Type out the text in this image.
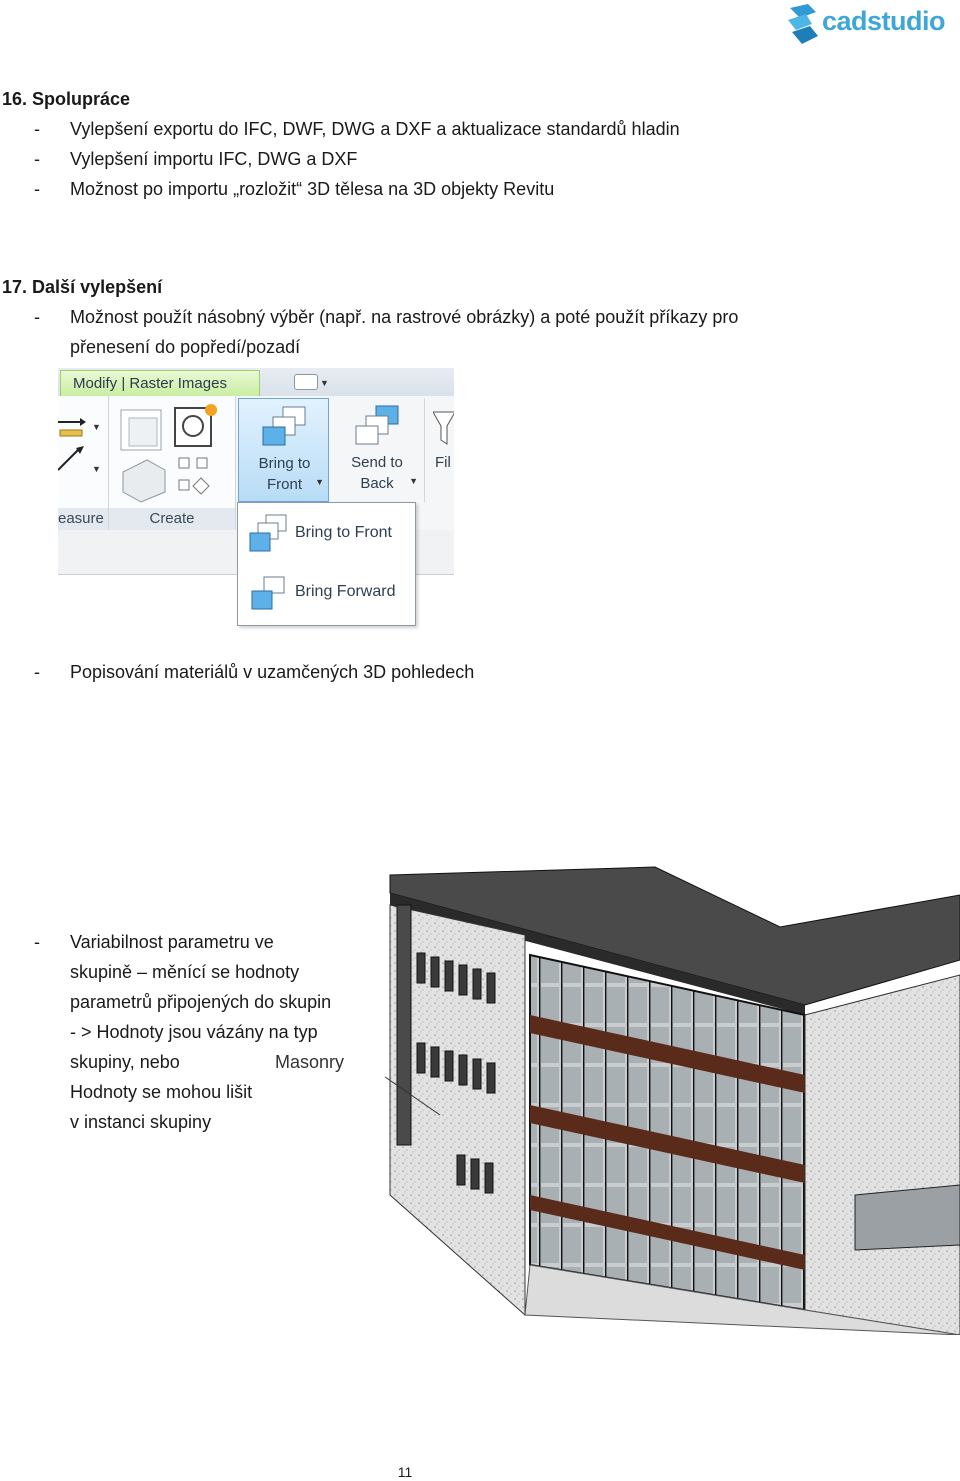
cadstudio
16. Spolupráce
- Vylepšení exportu do IFC, DWF, DWG a DXF a aktualizace standardů hladin
- Vylepšení importu IFC, DWG a DXF
- Možnost po importu „rozložit“ 3D tělesa na 3D objekty Revitu
17. Další vylepšení
- Možnost použít násobný výběr (např. na rastrové obrázky) a poté použít příkazy pro
přenesení do popředí/pozadí
Modify | Raster Images	▼
▼
▼
easure	Create
Bring to
Front	▼
Send to
Back	▼
Fil
Bring to Front
Bring Forward
- Popisování materiálů v uzamčených 3D pohledech
- Variabilnost parametru ve
skupině – měnící se hodnoty
parametrů připojených do skupin
- > Hodnoty jsou vázány na typ
skupiny, nebo
Hodnoty se mohou lišit
v instanci skupiny
Masonry
11
